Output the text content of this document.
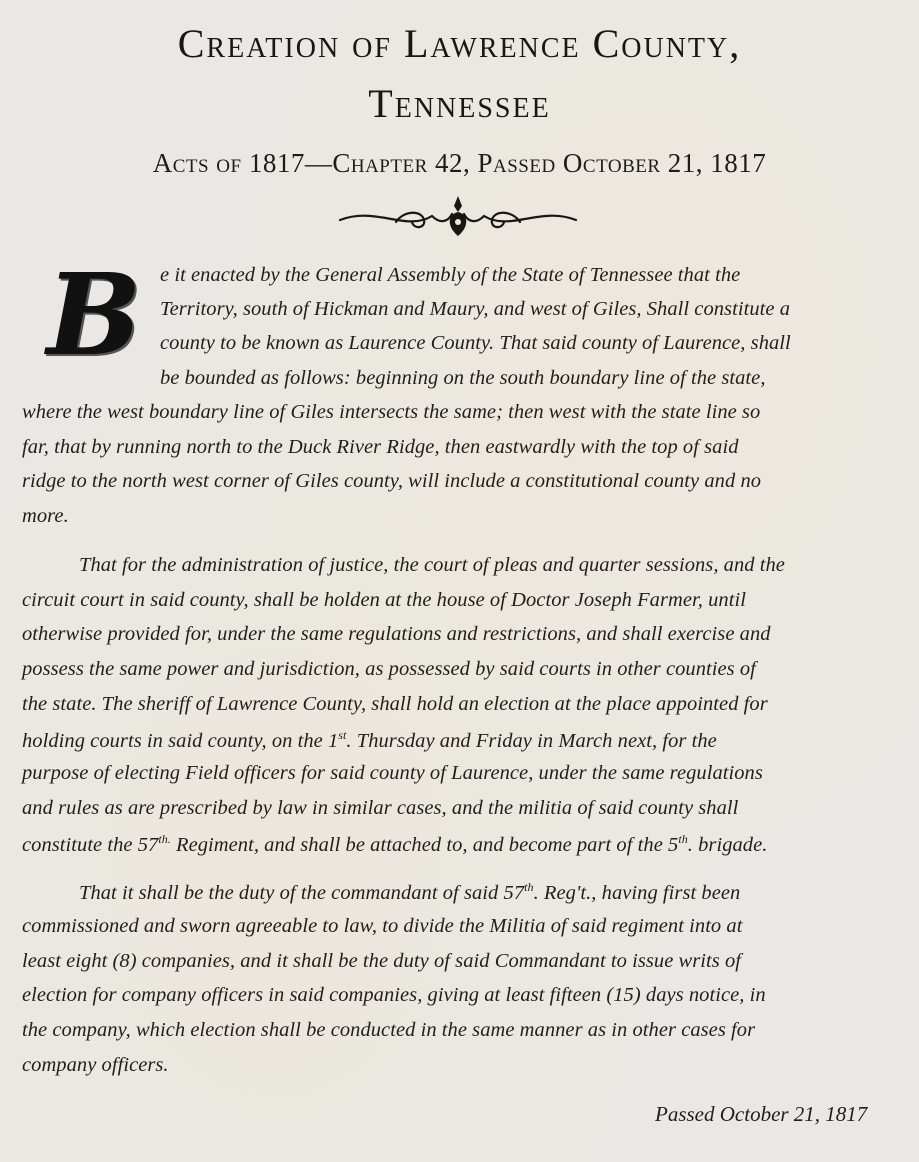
Creation of Lawrence County,
Tennessee
Acts of 1817—Chapter 42, Passed October 21, 1817
B e it enacted by the General Assembly of the State of Tennessee that the
Territory, south of Hickman and Maury, and west of Giles, Shall constitute a
county to be known as Laurence County. That said county of Laurence, shall
be bounded as follows: beginning on the south boundary line of the state,
where the west boundary line of Giles intersects the same; then west with the state line so
far, that by running north to the Duck River Ridge, then eastwardly with the top of said
ridge to the north west corner of Giles county, will include a constitutional county and no
more.
That for the administration of justice, the court of pleas and quarter sessions, and the
circuit court in said county, shall be holden at the house of Doctor Joseph Farmer, until
otherwise provided for, under the same regulations and restrictions, and shall exercise and
possess the same power and jurisdiction, as possessed by said courts in other counties of
the state. The sheriff of Lawrence County, shall hold an election at the place appointed for
holding courts in said county, on the 1st. Thursday and Friday in March next, for the
purpose of electing Field officers for said county of Laurence, under the same regulations
and rules as are prescribed by law in similar cases, and the militia of said county shall
constitute the $57^{th.}$ Regiment, and shall be attached to, and become part of the 5th. brigade.
That it shall be the duty of the commandant of said 57th. Reg't., having first been
commissioned and sworn agreeable to law, to divide the Militia of said regiment into at
least eight (8) companies, and it shall be the duty of said Commandant to issue writs of
election for company officers in said companies, giving at least fifteen (15) days notice, in
the company, which election shall be conducted in the same manner as in other cases for
company officers.
Passed October 21, 1817
